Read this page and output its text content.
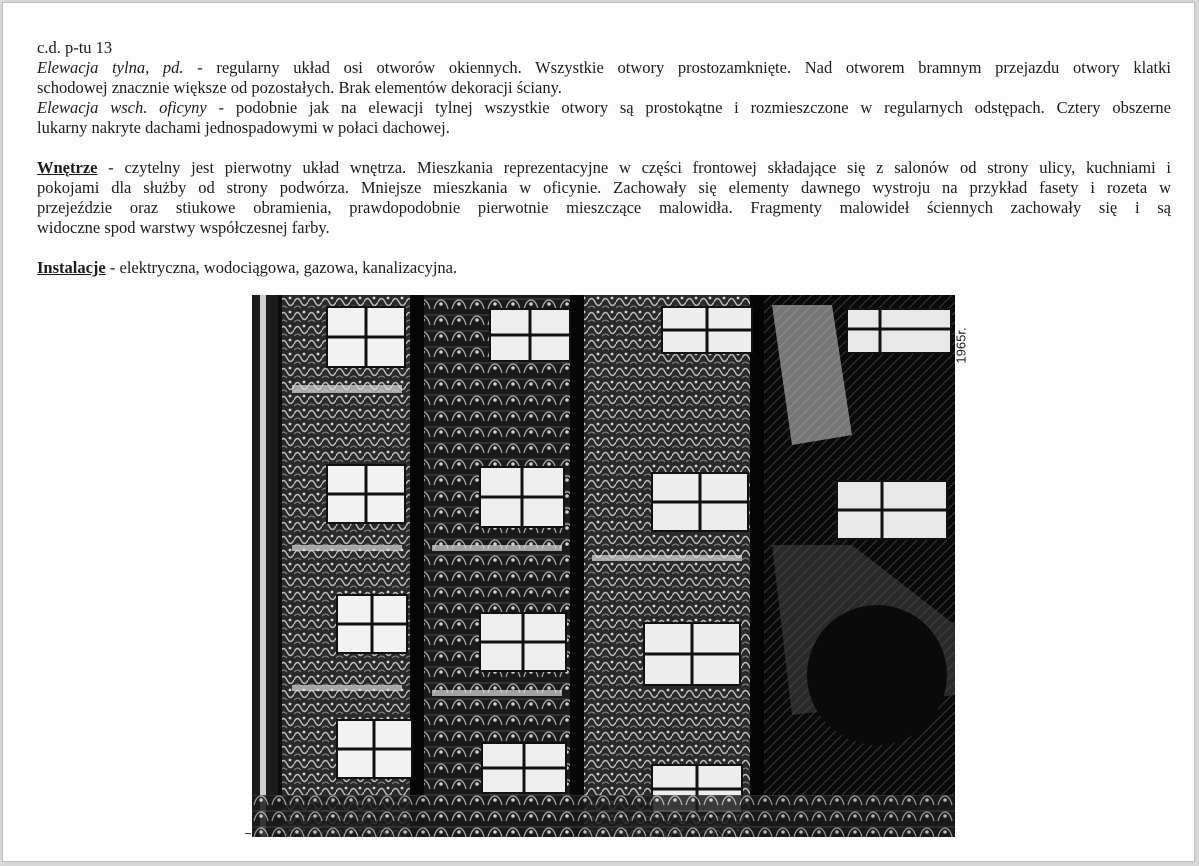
c.d. p-tu 13
Elewacja tylna, pd. - regularny układ osi otworów okiennych. Wszystkie otwory prostozamknięte. Nad otworem bramnym przejazdu otwory klatki
schodowej znacznie większe od pozostałych. Brak elementów dekoracji ściany.
Elewacja wsch. oficyny - podobnie jak na elewacji tylnej wszystkie otwory są prostokątne i rozmieszczone w regularnych odstępach. Cztery obszerne
lukarny nakryte dachami jednospadowymi w połaci dachowej.
Wnętrze - czytelny jest pierwotny układ wnętrza. Mieszkania reprezentacyjne w części frontowej składające się z salonów od strony ulicy, kuchniami i
pokojami dla służby od strony podwórza. Mniejsze mieszkania w oficynie. Zachowały się elementy dawnego wystroju na przykład fasety i rozeta w
przejeździe oraz stiukowe obramienia, prawdopodobnie pierwotnie mieszczące malowidła. Fragmenty malowideł ściennych zachowały się i są
widoczne spod warstwy współczesnej farby.
Instalacje - elektryczna, wodociągowa, gazowa, kanalizacyjna.
1965r.
